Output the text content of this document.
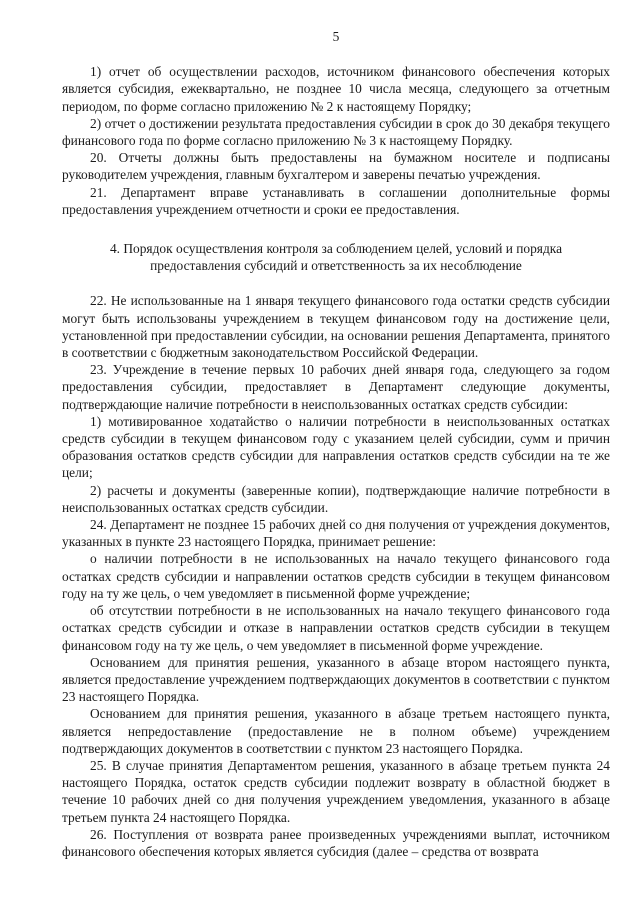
5

1) отчет об осуществлении расходов, источником финансового обеспечения которых является субсидия, ежеквартально, не позднее 10 числа месяца, следующего за отчетным периодом, по форме согласно приложению № 2 к настоящему Порядку;

2) отчет о достижении результата предоставления субсидии в срок до 30 декабря текущего финансового года по форме согласно приложению № 3 к настоящему Порядку.

20. Отчеты должны быть предоставлены на бумажном носителе и подписаны руководителем учреждения, главным бухгалтером и заверены печатью учреждения.

21. Департамент вправе устанавливать в соглашении дополнительные формы предоставления учреждением отчетности и сроки ее предоставления.

4. Порядок осуществления контроля за соблюдением целей, условий и порядка предоставления субсидий и ответственность за их несоблюдение

22. Не использованные на 1 января текущего финансового года остатки средств субсидии могут быть использованы учреждением в текущем финансовом году на достижение цели, установленной при предоставлении субсидии, на основании решения Департамента, принятого в соответствии с бюджетным законодательством Российской Федерации.

23. Учреждение в течение первых 10 рабочих дней января года, следующего за годом предоставления субсидии, предоставляет в Департамент следующие документы, подтверждающие наличие потребности в неиспользованных остатках средств субсидии:

1) мотивированное ходатайство о наличии потребности в неиспользованных остатках средств субсидии в текущем финансовом году с указанием целей субсидии, сумм и причин образования остатков средств субсидии для направления остатков средств субсидии на те же цели;

2) расчеты и документы (заверенные копии), подтверждающие наличие потребности в неиспользованных остатках средств субсидии.

24. Департамент не позднее 15 рабочих дней со дня получения от учреждения документов, указанных в пункте 23 настоящего Порядка, принимает решение:

о наличии потребности в не использованных на начало текущего финансового года остатках средств субсидии и направлении остатков средств субсидии в текущем финансовом году на ту же цель, о чем уведомляет в письменной форме учреждение;

об отсутствии потребности в не использованных на начало текущего финансового года остатках средств субсидии и отказе в направлении остатков средств субсидии в текущем финансовом году на ту же цель, о чем уведомляет в письменной форме учреждение.

Основанием для принятия решения, указанного в абзаце втором настоящего пункта, является предоставление учреждением подтверждающих документов в соответствии с пунктом 23 настоящего Порядка.

Основанием для принятия решения, указанного в абзаце третьем настоящего пункта, является непредоставление (предоставление не в полном объеме) учреждением подтверждающих документов в соответствии с пунктом 23 настоящего Порядка.

25. В случае принятия Департаментом решения, указанного в абзаце третьем пункта 24 настоящего Порядка, остаток средств субсидии подлежит возврату в областной бюджет в течение 10 рабочих дней со дня получения учреждением уведомления, указанного в абзаце третьем пункта 24 настоящего Порядка.

26. Поступления от возврата ранее произведенных учреждениями выплат, источником финансового обеспечения которых является субсидия (далее – средства от возврата
